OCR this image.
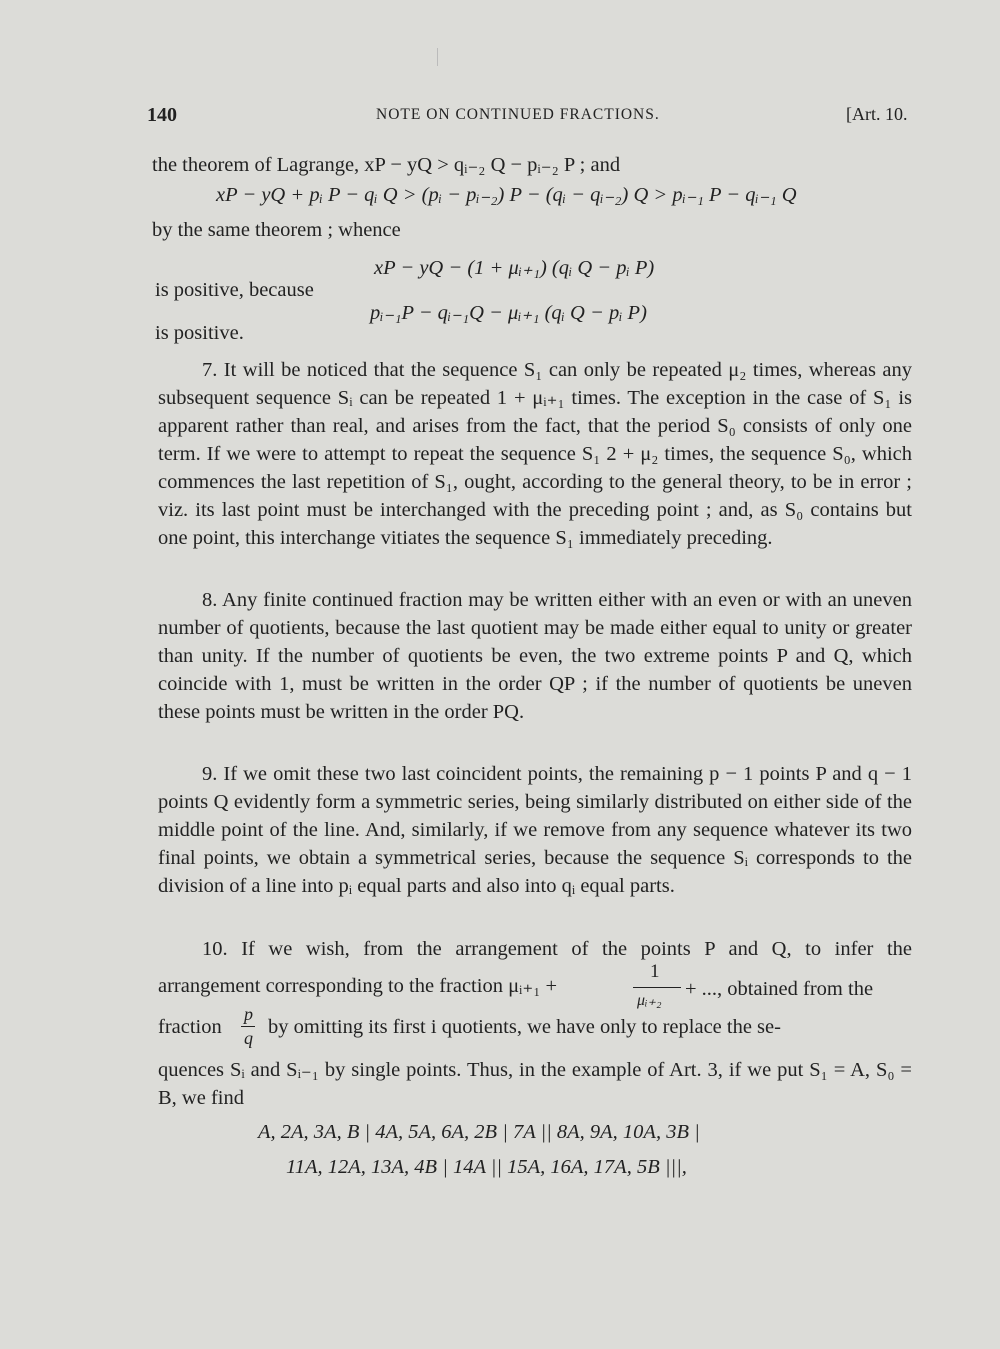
140	NOTE ON CONTINUED FRACTIONS.	[Art. 10.
the theorem of Lagrange, xP − yQ > qᵢ₋₂ Q − pᵢ₋₂ P ; and
xP − yQ + pᵢ P − qᵢ Q > (pᵢ − pᵢ₋₂) P − (qᵢ − qᵢ₋₂) Q > pᵢ₋₁ P − qᵢ₋₁ Q
by the same theorem ; whence
xP − yQ − (1 + μᵢ₊₁) (qᵢ Q − pᵢ P)
is positive, because
pᵢ₋₁P − qᵢ₋₁Q − μᵢ₊₁ (qᵢ Q − pᵢ P)
is positive.
7. It will be noticed that the sequence S₁ can only be repeated μ₂ times, whereas any subsequent sequence Sᵢ can be repeated 1 + μᵢ₊₁ times. The exception in the case of S₁ is apparent rather than real, and arises from the fact, that the period S₀ consists of only one term. If we were to attempt to repeat the sequence S₁ 2 + μ₂ times, the sequence S₀, which commences the last repetition of S₁, ought, according to the general theory, to be in error ; viz. its last point must be interchanged with the preceding point ; and, as S₀ contains but one point, this interchange vitiates the sequence S₁ immediately preceding.
8. Any finite continued fraction may be written either with an even or with an uneven number of quotients, because the last quotient may be made either equal to unity or greater than unity. If the number of quotients be even, the two extreme points P and Q, which coincide with 1, must be written in the order QP ; if the number of quotients be uneven these points must be written in the order PQ.
9. If we omit these two last coincident points, the remaining p − 1 points P and q − 1 points Q evidently form a symmetric series, being similarly distributed on either side of the middle point of the line. And, similarly, if we remove from any sequence whatever its two final points, we obtain a symmetrical series, because the sequence Sᵢ corresponds to the division of a line into pᵢ equal parts and also into qᵢ equal parts.
10. If we wish, from the arrangement of the points P and Q, to infer the
arrangement corresponding to the fraction μᵢ₊₁ +
1
μᵢ₊₂
+ ..., obtained from the
fraction
p
q by omitting its first i quotients, we have only to replace the se-
quences Sᵢ and Sᵢ₋₁ by single points. Thus, in the example of Art. 3, if we put S₁ = A, S₀ = B, we find
A, 2A, 3A, B | 4A, 5A, 6A, 2B | 7A || 8A, 9A, 10A, 3B |
11A, 12A, 13A, 4B | 14A || 15A, 16A, 17A, 5B |||,
